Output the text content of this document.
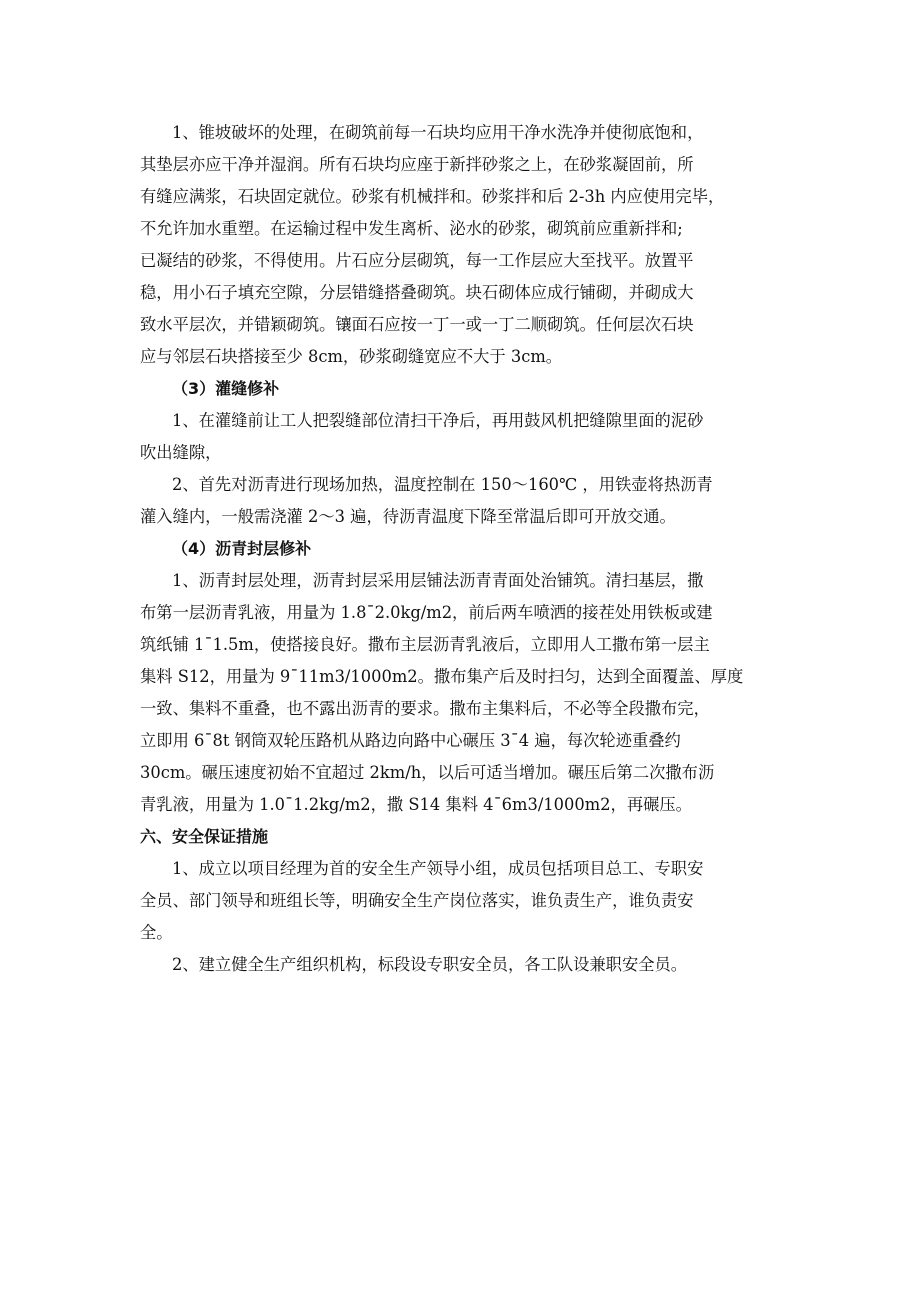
1、锥坡破坏的处理，在砌筑前每一石块均应用干净水洗净并使彻底饱和，
其垫层亦应干净并湿润。所有石块均应座于新拌砂浆之上，在砂浆凝固前，所
有缝应满浆，石块固定就位。砂浆有机械拌和。砂浆拌和后 2-3h 内应使用完毕，
不允许加水重塑。在运输过程中发生离析、泌水的砂浆，砌筑前应重新拌和;
已凝结的砂浆，不得使用。片石应分层砌筑，每一工作层应大至找平。放置平
稳，用小石子填充空隙，分层错缝搭叠砌筑。块石砌体应成行铺砌，并砌成大
致水平层次，并错颖砌筑。镶面石应按一丁一或一丁二顺砌筑。任何层次石块
应与邻层石块搭接至少 8cm，砂浆砌缝宽应不大于 3cm。
（3）灌缝修补
1、在灌缝前让工人把裂缝部位清扫干净后，再用鼓风机把缝隙里面的泥砂
吹出缝隙，
2、首先对沥青进行现场加热，温度控制在 150～160℃ ，用铁壶将热沥青
灌入缝内，一般需浇灌 2～3 遍，待沥青温度下降至常温后即可开放交通。
（4）沥青封层修补
1、沥青封层处理，沥青封层采用层铺法沥青青面处治铺筑。清扫基层，撒
布第一层沥青乳液，用量为 1.8¯2.0kg/m2，前后两车喷洒的接茬处用铁板或建
筑纸铺 1¯1.5m，使搭接良好。撒布主层沥青乳液后，立即用人工撒布第一层主
集料 S12，用量为 9¯11m3/1000m2。撒布集产后及时扫匀，达到全面覆盖、厚度
一致、集料不重叠，也不露出沥青的要求。撒布主集料后，不必等全段撒布完，
立即用 6¯8t 钢筒双轮压路机从路边向路中心碾压 3¯4 遍，每次轮迹重叠约
30cm。碾压速度初始不宜超过 2km/h，以后可适当增加。碾压后第二次撒布沥
青乳液，用量为 1.0¯1.2kg/m2，撒 S14 集料 4¯6m3/1000m2，再碾压。
六、安全保证措施
1、成立以项目经理为首的安全生产领导小组，成员包括项目总工、专职安
全员、部门领导和班组长等，明确安全生产岗位落实，谁负责生产，谁负责安
全。
2、建立健全生产组织机构，标段设专职安全员，各工队设兼职安全员。
